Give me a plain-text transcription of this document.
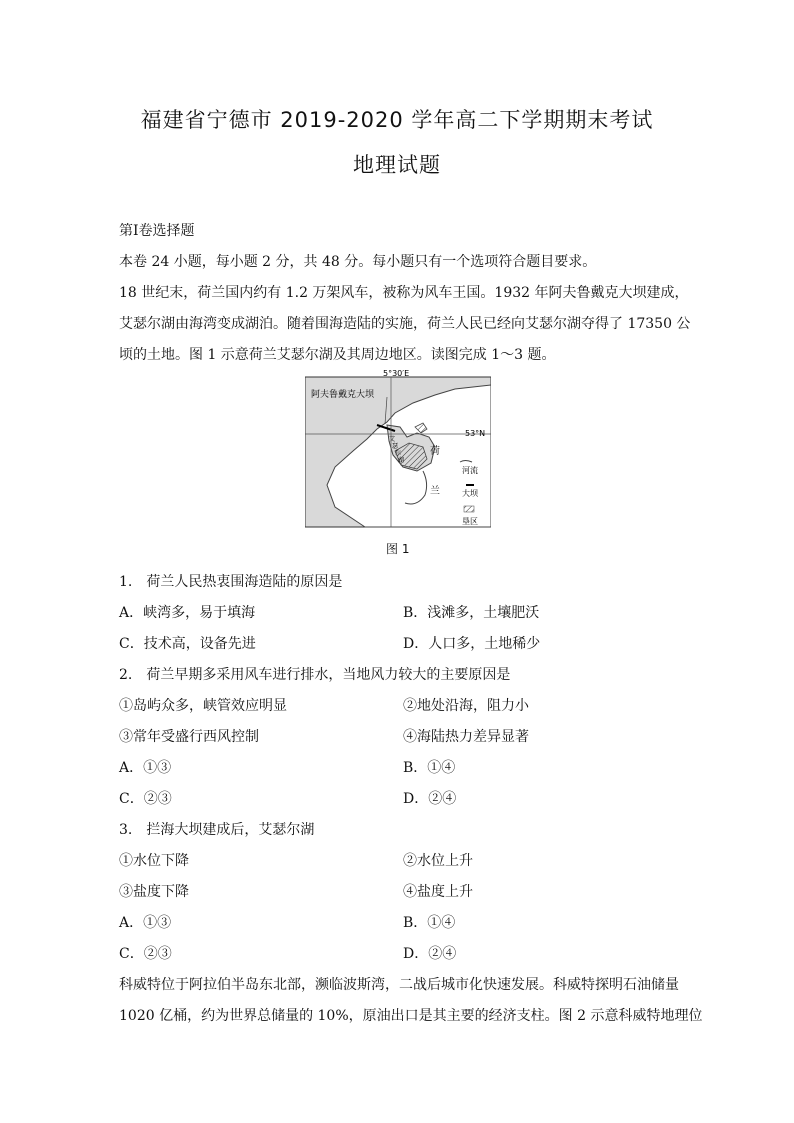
福建省宁德市 2019-2020 学年高二下学期期末考试
地理试题
第Ⅰ卷选择题
本卷 24 小题，每小题 2 分，共 48 分。每小题只有一个选项符合题目要求。
18 世纪末，荷兰国内约有 1.2 万架风车，被称为风车王国。1932 年阿夫鲁戴克大坝建成，
艾瑟尔湖由海湾变成湖泊。随着围海造陆的实施，荷兰人民已经向艾瑟尔湖夺得了 17350 公
顷的土地。图 1 示意荷兰艾瑟尔湖及其周边地区。读图完成 1～3 题。
5°30′E
阿夫鲁戴克大坝
53°N
艾
瑟
尔
湖
荷
兰
河流
大坝
垦区
图 1
1.　荷兰人民热衷围海造陆的原因是
A．峡湾多，易于填海	B．浅滩多，土壤肥沃
C．技术高，设备先进	D．人口多，土地稀少
2.　荷兰早期多采用风车进行排水，当地风力较大的主要原因是
①岛屿众多，峡管效应明显	②地处沿海，阻力小
③常年受盛行西风控制	④海陆热力差异显著
A．①③	B．①④
C．②③	D．②④
3.　拦海大坝建成后，艾瑟尔湖
①水位下降	②水位上升
③盐度下降	④盐度上升
A．①③	B．①④
C．②③	D．②④
科威特位于阿拉伯半岛东北部，濒临波斯湾，二战后城市化快速发展。科威特探明石油储量
1020 亿桶，约为世界总储量的 10%，原油出口是其主要的经济支柱。图 2 示意科威特地理位
